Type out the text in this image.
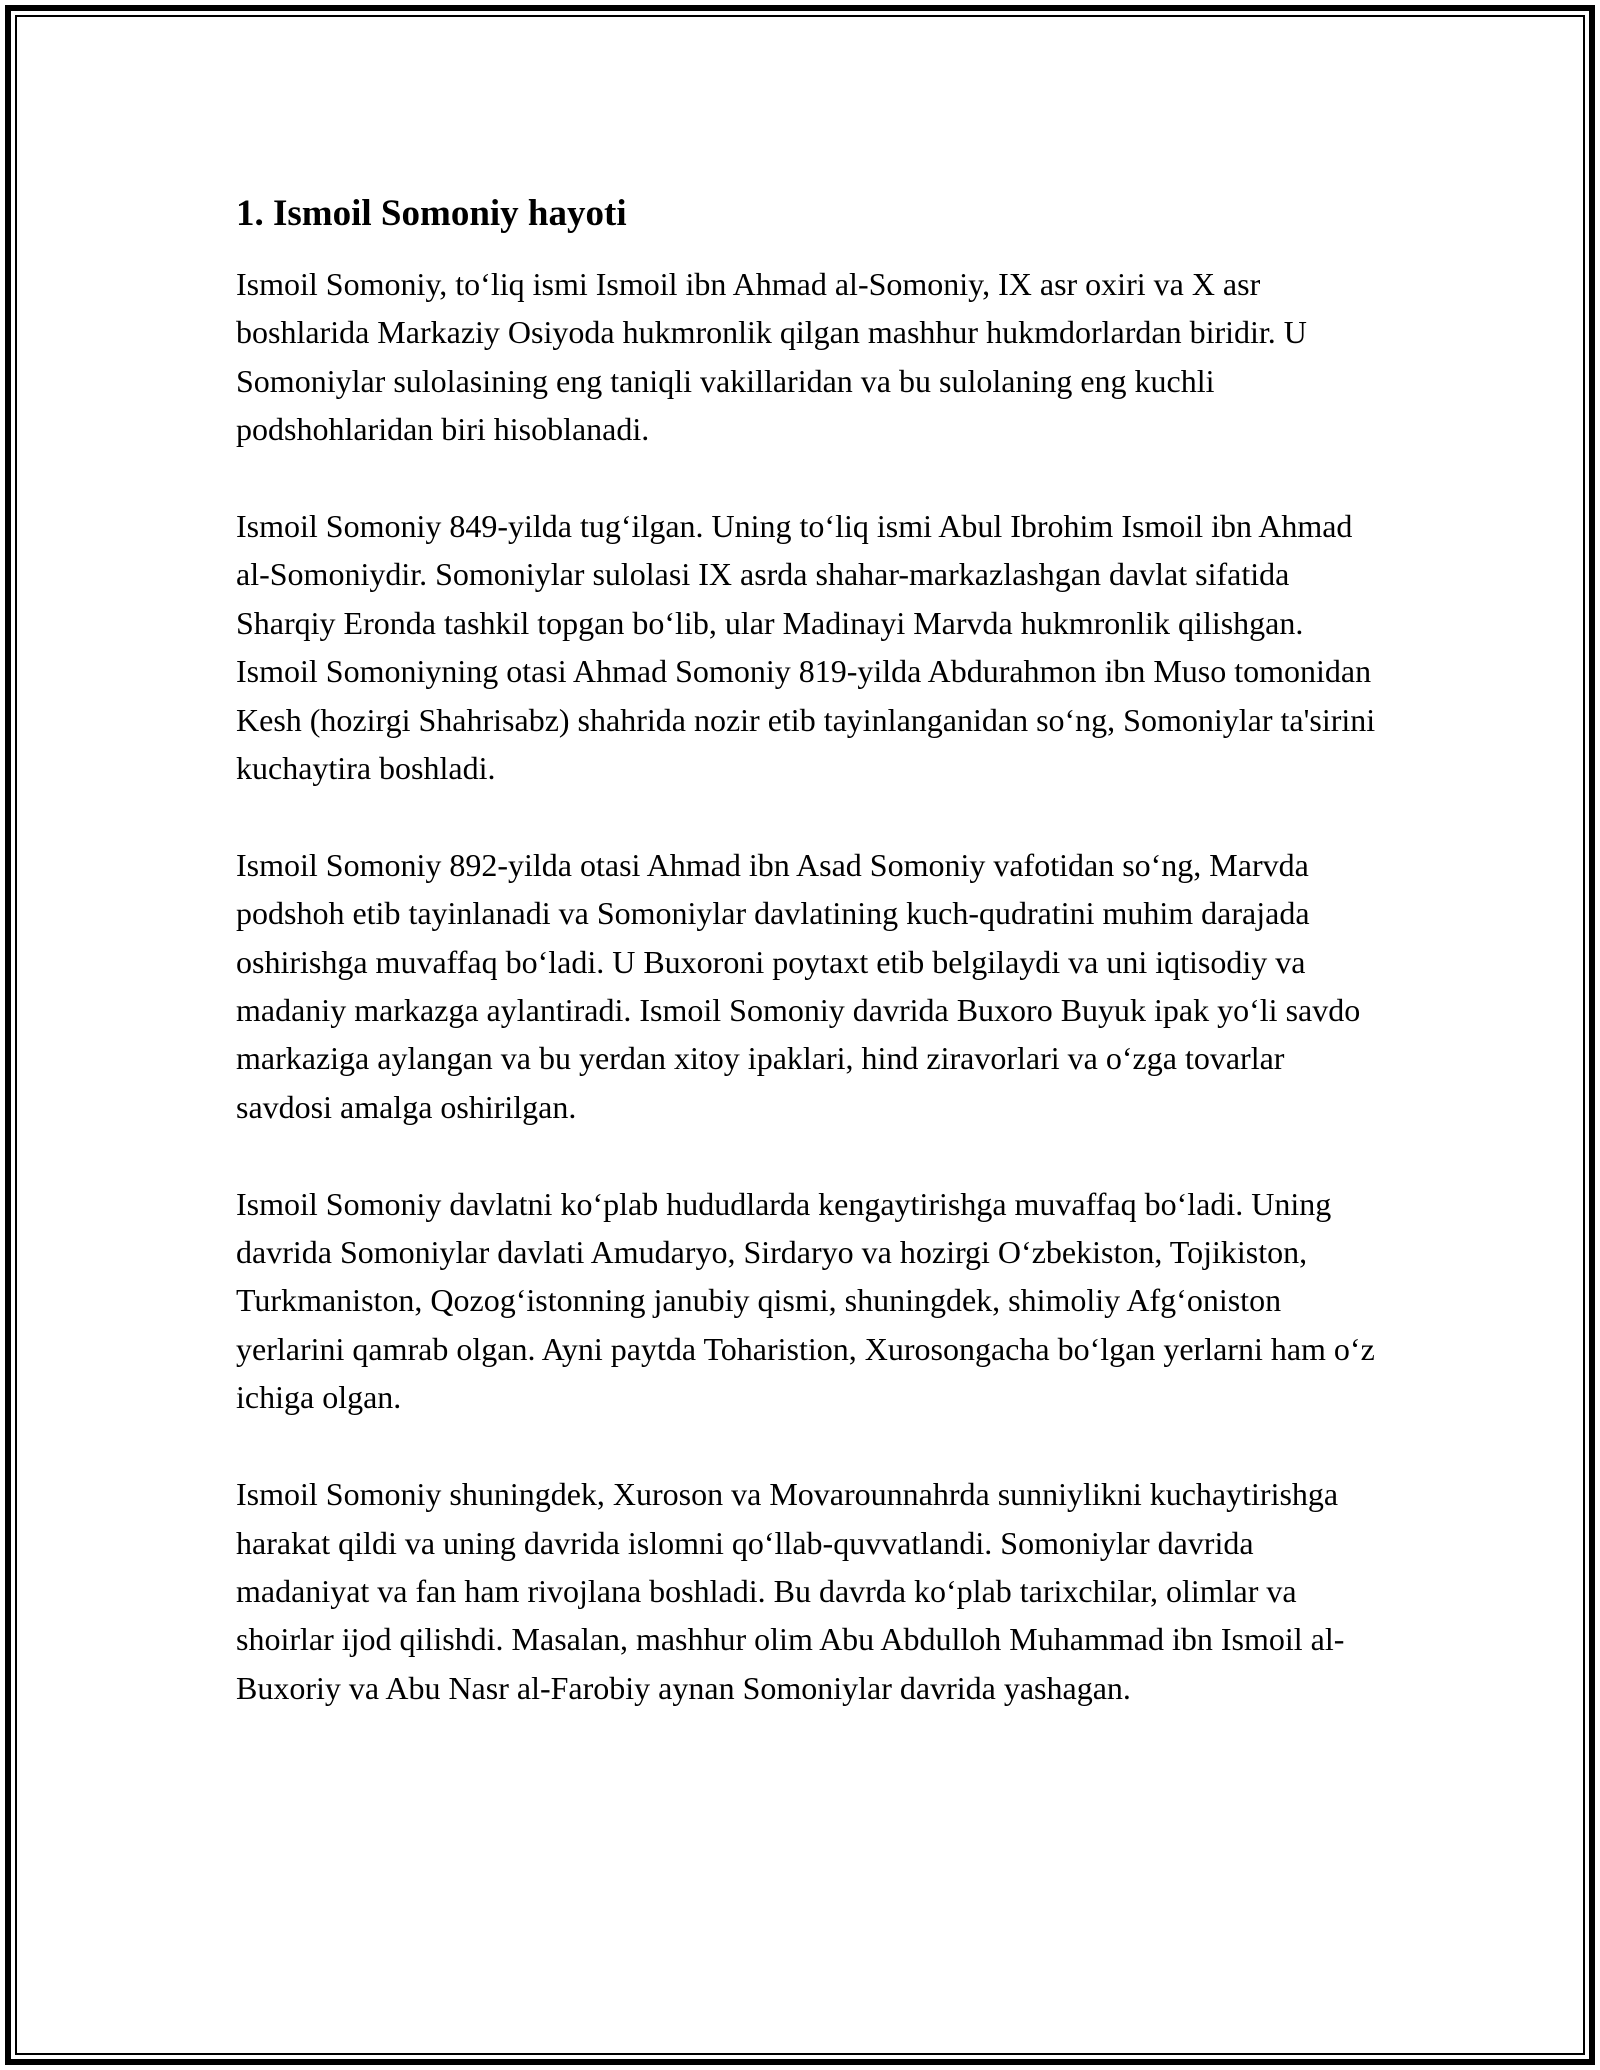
1. Ismoil Somoniy hayoti

Ismoil Somoniy, to‘liq ismi Ismoil ibn Ahmad al-Somoniy, IX asr oxiri va X asr boshlarida Markaziy Osiyoda hukmronlik qilgan mashhur hukmdorlardan biridir. U Somoniylar sulolasining eng taniqli vakillaridan va bu sulolaning eng kuchli podshohlaridan biri hisoblanadi.

Ismoil Somoniy 849-yilda tug‘ilgan. Uning to‘liq ismi Abul Ibrohim Ismoil ibn Ahmad al-Somoniydir. Somoniylar sulolasi IX asrda shahar-markazlashgan davlat sifatida Sharqiy Eronda tashkil topgan bo‘lib, ular Madinayi Marvda hukmronlik qilishgan. Ismoil Somoniyning otasi Ahmad Somoniy 819-yilda Abdurahmon ibn Muso tomonidan Kesh (hozirgi Shahrisabz) shahrida nozir etib tayinlanganidan so‘ng, Somoniylar ta'sirini kuchaytira boshladi.

Ismoil Somoniy 892-yilda otasi Ahmad ibn Asad Somoniy vafotidan so‘ng, Marvda podshoh etib tayinlanadi va Somoniylar davlatining kuch-qudratini muhim darajada oshirishga muvaffaq bo‘ladi. U Buxoroni poytaxt etib belgilaydi va uni iqtisodiy va madaniy markazga aylantiradi. Ismoil Somoniy davrida Buxoro Buyuk ipak yo‘li savdo markaziga aylangan va bu yerdan xitoy ipaklari, hind ziravorlari va o‘zga tovarlar savdosi amalga oshirilgan.

Ismoil Somoniy davlatni ko‘plab hududlarda kengaytirishga muvaffaq bo‘ladi. Uning davrida Somoniylar davlati Amudaryo, Sirdaryo va hozirgi O‘zbekiston, Tojikiston, Turkmaniston, Qozog‘istonning janubiy qismi, shuningdek, shimoliy Afg‘oniston yerlarini qamrab olgan. Ayni paytda Toharistion, Xurosongacha bo‘lgan yerlarni ham o‘z ichiga olgan.

Ismoil Somoniy shuningdek, Xuroson va Movarounnahrda sunniylikni kuchaytirishga harakat qildi va uning davrida islomni qo‘llab-quvvatlandi. Somoniylar davrida madaniyat va fan ham rivojlana boshladi. Bu davrda ko‘plab tarixchilar, olimlar va shoirlar ijod qilishdi. Masalan, mashhur olim Abu Abdulloh Muhammad ibn Ismoil al-Buxoriy va Abu Nasr al-Farobiy aynan Somoniylar davrida yashagan.
